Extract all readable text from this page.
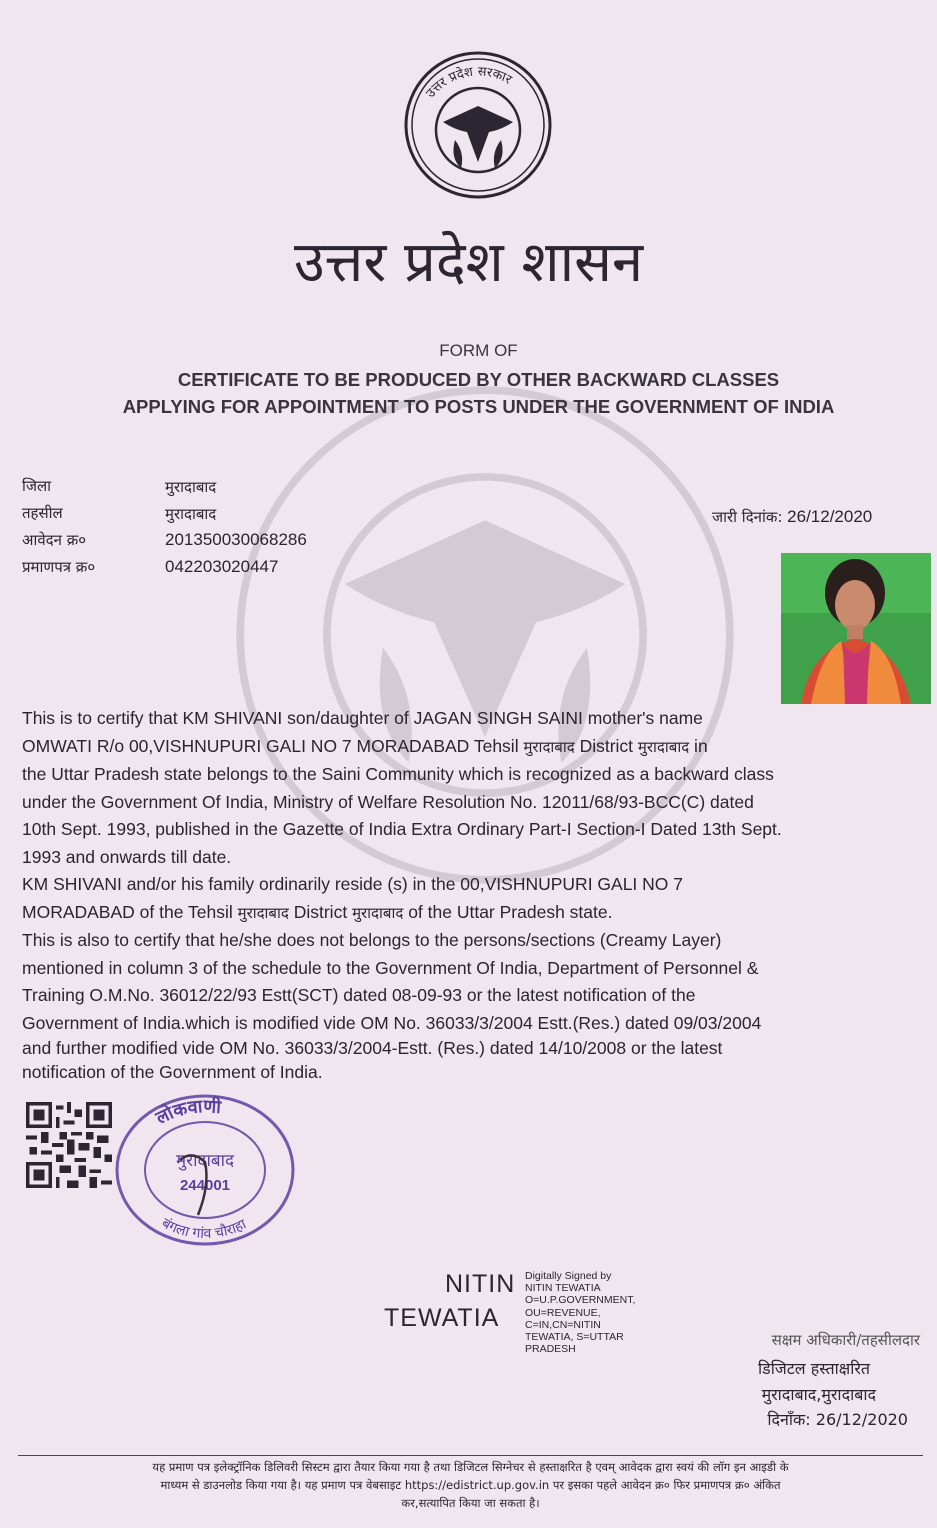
उत्तर प्रदेश सरकार
उत्तर प्रदेश शासन
FORM OF
CERTIFICATE TO BE PRODUCED BY OTHER BACKWARD CLASSES
APPLYING FOR APPOINTMENT TO POSTS UNDER THE GOVERNMENT OF INDIA
जिला	मुरादाबाद
तहसील	मुरादाबाद
आवेदन क्र०	201350030068286
प्रमाणपत्र क्र०	042203020447
जारी दिनांक: 26/12/2020

This is to certify that KM SHIVANI son/daughter of JAGAN SINGH SAINI mother's name

OMWATI R/o 00,VISHNUPURI GALI NO 7 MORADABAD Tehsil मुरादाबाद District मुरादाबाद in

the Uttar Pradesh state belongs to the Saini Community which is recognized as a backward class

under the Government Of India, Ministry of Welfare Resolution No. 12011/68/93-BCC(C) dated

10th Sept. 1993, published in the Gazette of India Extra Ordinary Part-I Section-I Dated 13th Sept.

1993 and onwards till date.

KM SHIVANI and/or his family ordinarily reside (s) in the 00,VISHNUPURI GALI NO 7

MORADABAD of the Tehsil मुरादाबाद District मुरादाबाद of the Uttar Pradesh state.

This is also to certify that he/she does not belongs to the persons/sections (Creamy Layer)

mentioned in column 3 of the schedule to the Government Of India, Department of Personnel &

Training O.M.No. 36012/22/93 Estt(SCT) dated 08-09-93 or the latest notification of the

Government of India.which is modified vide OM No. 36033/3/2004 Estt.(Res.) dated 09/03/2004

and further modified vide OM No. 36033/3/2004-Estt. (Res.) dated 14/10/2008 or the latest

notification of the Government of India.

लोकवाणी
बंगला गांव चौराहा
मुरादाबाद
244001
NITIN
TEWATIA
Digitally Signed by
NITIN TEWATIA
O=U.P.GOVERNMENT,
OU=REVENUE,
C=IN,CN=NITIN
TEWATIA, S=UTTAR
PRADESH
सक्षम अधिकारी/तहसीलदार
डिजिटल हस्ताक्षरित
मुरादाबाद,मुरादाबाद
दिनाँक: 26/12/2020
यह प्रमाण पत्र इलेक्ट्रॉनिक डिलिवरी सिस्टम द्वारा तैयार किया गया है तथा डिजिटल सिग्नेचर से हस्ताक्षरित है एवम् आवेदक द्वारा स्वयं की लॉग इन आइडी के
माध्यम से डाउनलोड किया गया है। यह प्रमाण पत्र वेबसाइट https://edistrict.up.gov.in पर इसका पहले आवेदन क्र० फिर प्रमाणपत्र क्र० अंकित
कर,सत्यापित किया जा सकता है।
